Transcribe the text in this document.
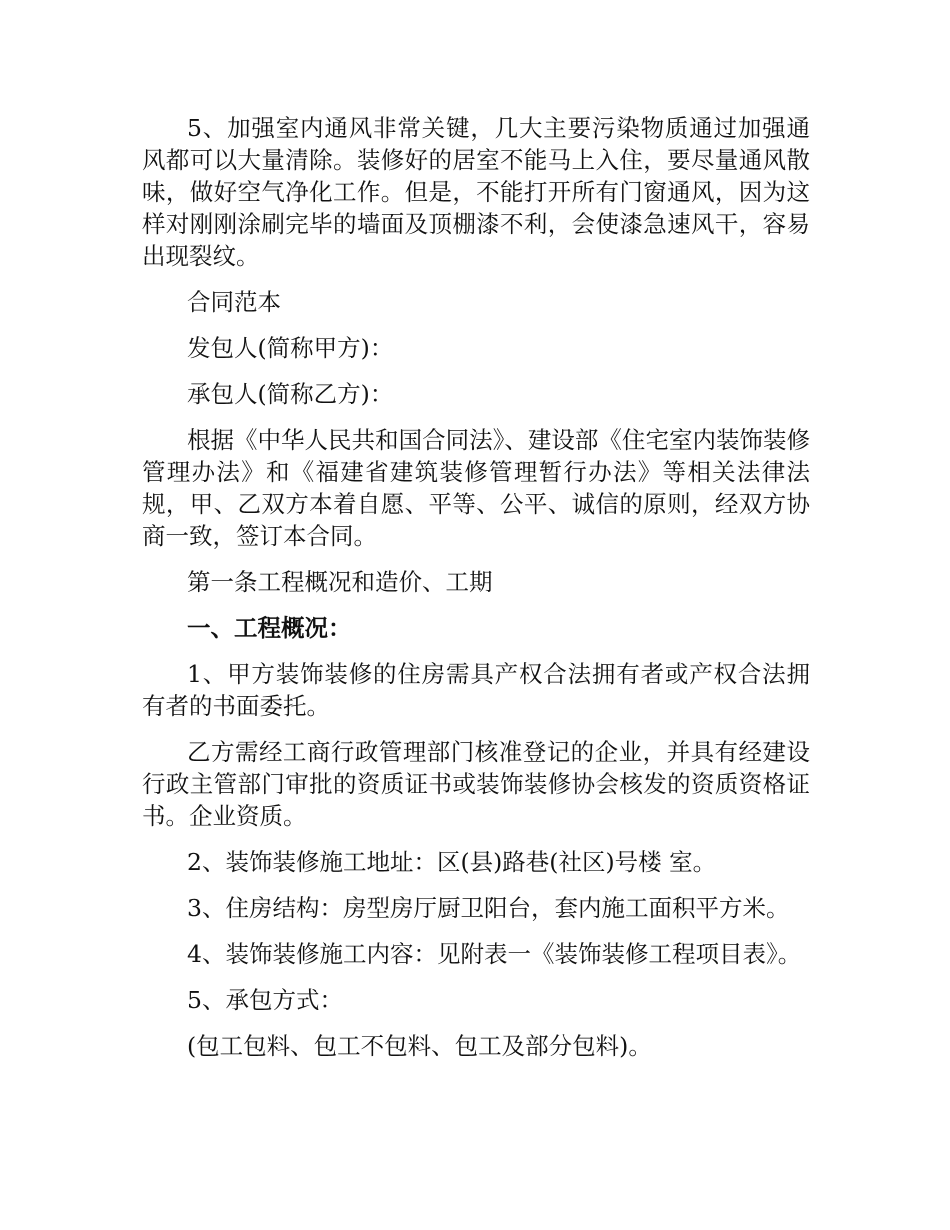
5、加强室内通风非常关键，几大主要污染物质通过加强通风都可以大量清除。装修好的居室不能马上入住，要尽量通风散味，做好空气净化工作。但是，不能打开所有门窗通风，因为这样对刚刚涂刷完毕的墙面及顶棚漆不利，会使漆急速风干，容易出现裂纹。

合同范本

发包人(简称甲方)：

承包人(简称乙方)：

根据《中华人民共和国合同法》、建设部《住宅室内装饰装修管理办法》和《福建省建筑装修管理暂行办法》等相关法律法规，甲、乙双方本着自愿、平等、公平、诚信的原则，经双方协商一致，签订本合同。

第一条工程概况和造价、工期

一、工程概况：

1、甲方装饰装修的住房需具产权合法拥有者或产权合法拥有者的书面委托。

乙方需经工商行政管理部门核准登记的企业，并具有经建设行政主管部门审批的资质证书或装饰装修协会核发的资质资格证书。企业资质。

2、装饰装修施工地址：区(县)路巷(社区)号楼 室。

3、住房结构：房型房厅厨卫阳台，套内施工面积平方米。

4、装饰装修施工内容：见附表一《装饰装修工程项目表》。

5、承包方式：

(包工包料、包工不包料、包工及部分包料)。
